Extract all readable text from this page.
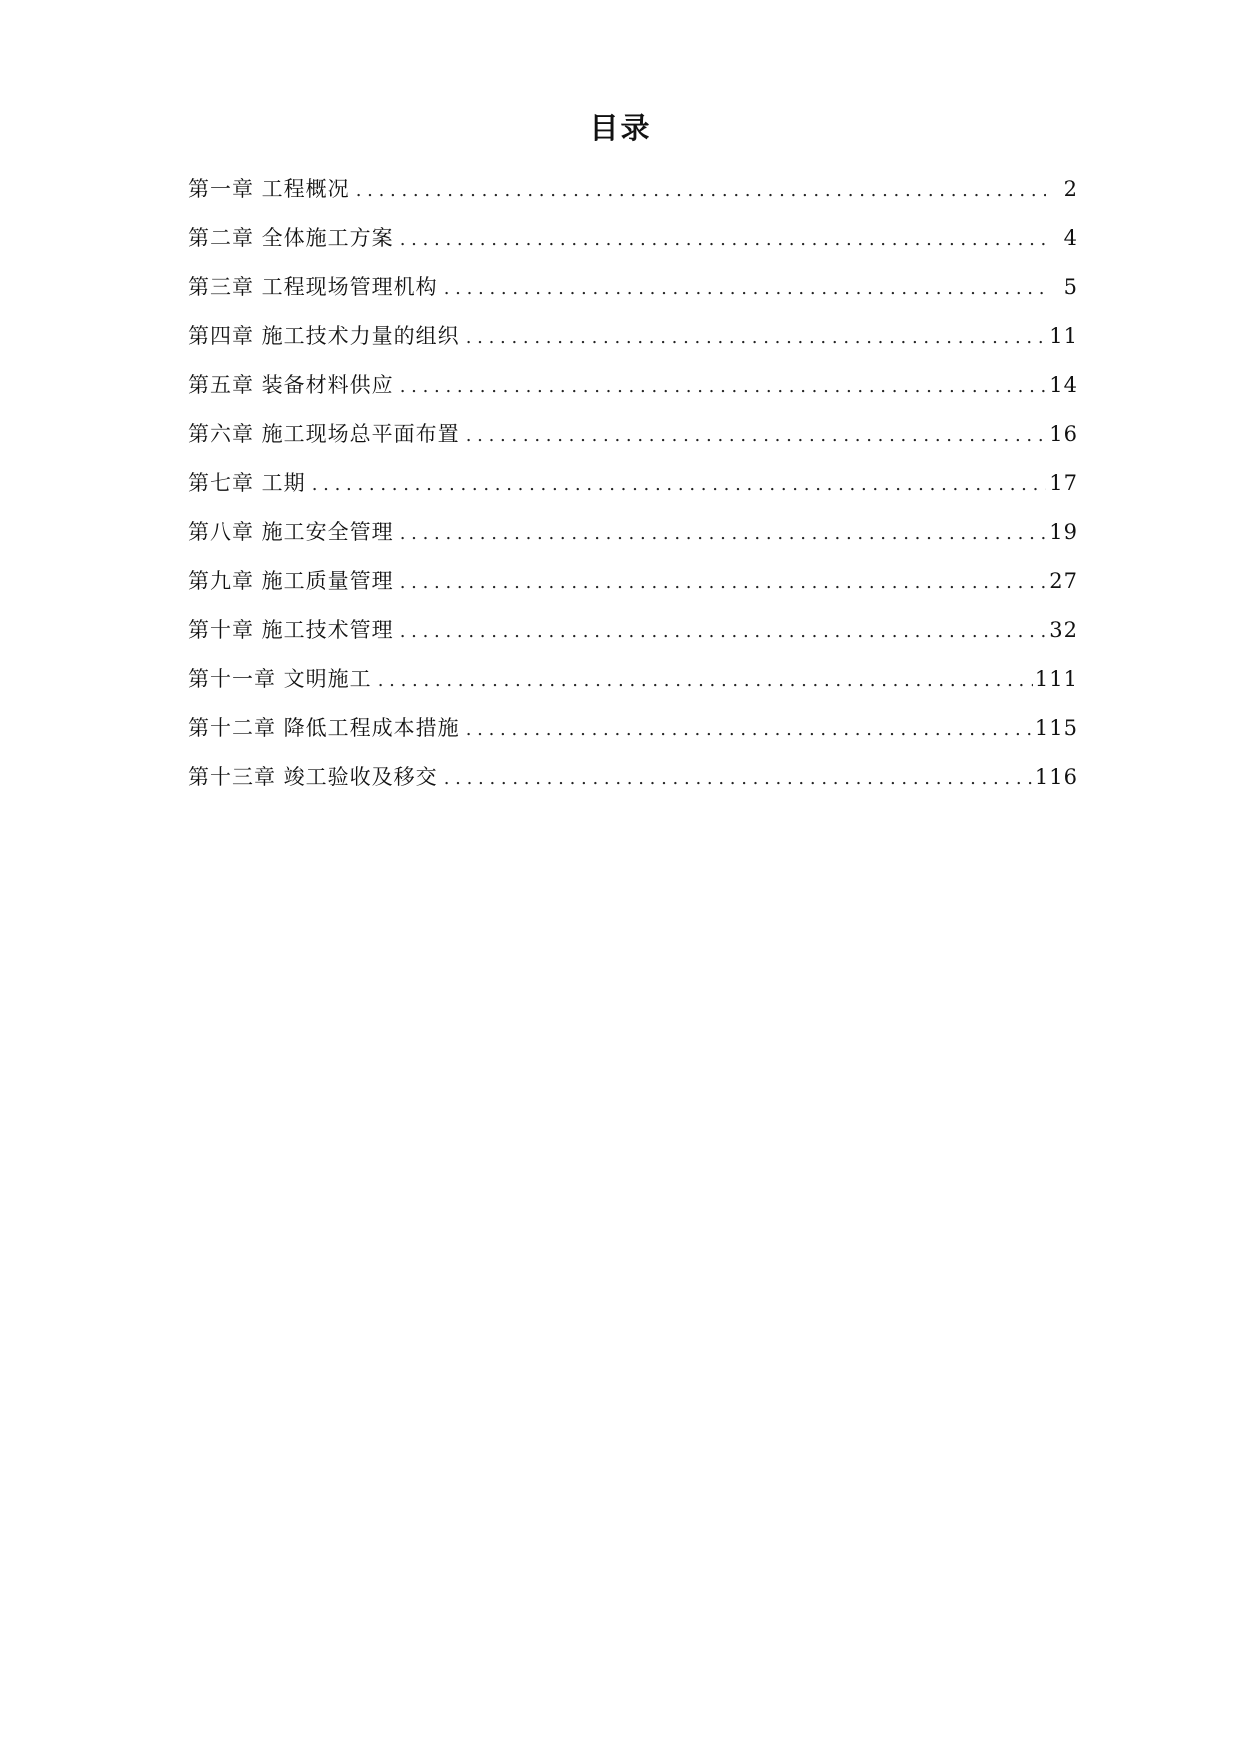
目录
第一章 工程概况 . . .	2
第二章 全体施工方案 . . .	4
第三章 工程现场管理机构 . . .	5
第四章 施工技术力量的组织 . . .	11
第五章 装备材料供应 . . .	14
第六章 施工现场总平面布置 . . .	16
第七章 工期 . . .	17
第八章 施工安全管理 . . .	19
第九章 施工质量管理 . . .	27
第十章 施工技术管理 . . .	32
第十一章 文明施工 . . .	111
第十二章 降低工程成本措施 . . .	115
第十三章 竣工验收及移交 . . .	116
